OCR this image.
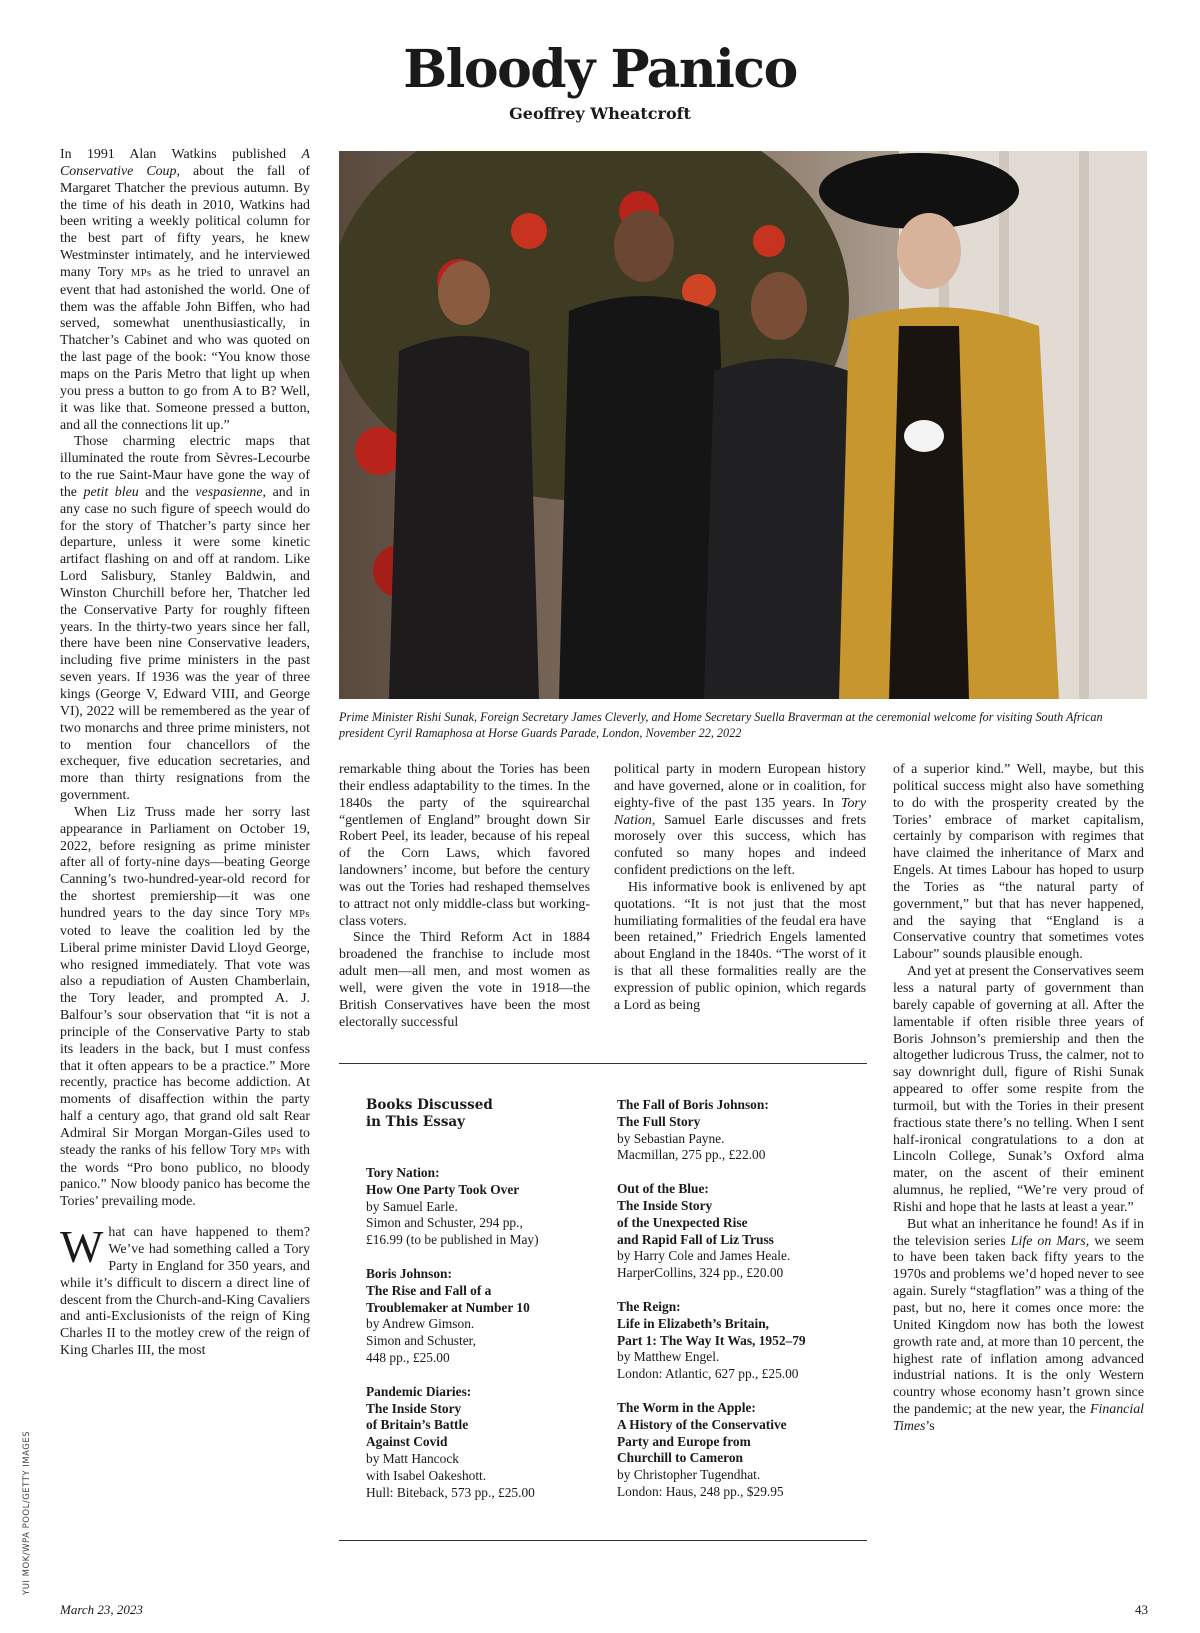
Bloody Panico
Geoffrey Wheatcroft

In 1991 Alan Watkins published A Conservative Coup, about the fall of Margaret Thatcher the previous autumn. By the time of his death in 2010, Watkins had been writing a weekly political column for the best part of fifty years, he knew Westminster intimately, and he interviewed many Tory MPs as he tried to unravel an event that had astonished the world. One of them was the affable John Biffen, who had served, somewhat unenthusiastically, in Thatcher’s Cabinet and who was quoted on the last page of the book: “You know those maps on the Paris Metro that light up when you press a button to go from A to B? Well, it was like that. Someone pressed a button, and all the connections lit up.”

Those charming electric maps that illuminated the route from Sèvres-Lecourbe to the rue Saint-Maur have gone the way of the petit bleu and the vespasienne, and in any case no such figure of speech would do for the story of Thatcher’s party since her departure, unless it were some kinetic artifact flashing on and off at random. Like Lord Salisbury, Stanley Baldwin, and Winston Churchill before her, Thatcher led the Conservative Party for roughly fifteen years. In the thirty-two years since her fall, there have been nine Conservative leaders, including five prime ministers in the past seven years. If 1936 was the year of three kings (George V, Edward VIII, and George VI), 2022 will be remembered as the year of two monarchs and three prime ministers, not to mention four chancellors of the exchequer, five education secretaries, and more than thirty resignations from the government.

When Liz Truss made her sorry last appearance in Parliament on October 19, 2022, before resigning as prime minister after all of forty-nine days—beating George Canning’s two-hundred-year-old record for the shortest premiership—it was one hundred years to the day since Tory MPs voted to leave the coalition led by the Liberal prime minister David Lloyd George, who resigned immediately. That vote was also a repudiation of Austen Chamberlain, the Tory leader, and prompted A. J. Balfour’s sour observation that “it is not a principle of the Conservative Party to stab its leaders in the back, but I must confess that it often appears to be a practice.” More recently, practice has become addiction. At moments of disaffection within the party half a century ago, that grand old salt Rear Admiral Sir Morgan Morgan-Giles used to steady the ranks of his fellow Tory MPs with the words “Pro bono publico, no bloody panico.” Now bloody panico has become the Tories’ prevailing mode.

What can have happened to them? We’ve had something called a Tory Party in England for 350 years, and while it’s difficult to discern a direct line of descent from the Church-and-King Cavaliers and anti-Exclusionists of the reign of King Charles II to the motley crew of the reign of King Charles III, the most

Prime Minister Rishi Sunak, Foreign Secretary James Cleverly, and Home Secretary Suella Braverman at the ceremonial welcome for visiting South African president Cyril Ramaphosa at Horse Guards Parade, London, November 22, 2022

remarkable thing about the Tories has been their endless adaptability to the times. In the 1840s the party of the squirearchal “gentlemen of England” brought down Sir Robert Peel, its leader, because of his repeal of the Corn Laws, which favored landowners’ income, but before the century was out the Tories had reshaped themselves to attract not only middle-class but working-class voters.

Since the Third Reform Act in 1884 broadened the franchise to include most adult men—all men, and most women as well, were given the vote in 1918—the British Conservatives have been the most electorally successful

political party in modern European history and have governed, alone or in coalition, for eighty-five of the past 135 years. In Tory Nation, Samuel Earle discusses and frets morosely over this success, which has confuted so many hopes and indeed confident predictions on the left.

His informative book is enlivened by apt quotations. “It is not just that the most humiliating formalities of the feudal era have been retained,” Friedrich Engels lamented about England in the 1840s. “The worst of it is that all these formalities really are the expression of public opinion, which regards a Lord as being

Books Discussed
in This Essay
Tory Nation:
How One Party Took Over
by Samuel Earle.
Simon and Schuster, 294 pp.,
£16.99 (to be published in May)
Boris Johnson:
The Rise and Fall of a
Troublemaker at Number 10
by Andrew Gimson.
Simon and Schuster,
448 pp., £25.00
Pandemic Diaries:
The Inside Story
of Britain’s Battle
Against Covid
by Matt Hancock
with Isabel Oakeshott.
Hull: Biteback, 573 pp., £25.00
The Fall of Boris Johnson:
The Full Story
by Sebastian Payne.
Macmillan, 275 pp., £22.00
Out of the Blue:
The Inside Story
of the Unexpected Rise
and Rapid Fall of Liz Truss
by Harry Cole and James Heale.
HarperCollins, 324 pp., £20.00
The Reign:
Life in Elizabeth’s Britain,
Part 1: The Way It Was, 1952–79
by Matthew Engel.
London: Atlantic, 627 pp., £25.00
The Worm in the Apple:
A History of the Conservative
Party and Europe from
Churchill to Cameron
by Christopher Tugendhat.
London: Haus, 248 pp., $29.95

of a superior kind.” Well, maybe, but this political success might also have something to do with the prosperity created by the Tories’ embrace of market capitalism, certainly by comparison with regimes that have claimed the inheritance of Marx and Engels. At times Labour has hoped to usurp the Tories as “the natural party of government,” but that has never happened, and the saying that “England is a Conservative country that sometimes votes Labour” sounds plausible enough.

And yet at present the Conservatives seem less a natural party of government than barely capable of governing at all. After the lamentable if often risible three years of Boris Johnson’s premiership and then the altogether ludicrous Truss, the calmer, not to say downright dull, figure of Rishi Sunak appeared to offer some respite from the turmoil, but with the Tories in their present fractious state there’s no telling. When I sent half-ironical congratulations to a don at Lincoln College, Sunak’s Oxford alma mater, on the ascent of their eminent alumnus, he replied, “We’re very proud of Rishi and hope that he lasts at least a year.”

But what an inheritance he found! As if in the television series Life on Mars, we seem to have been taken back fifty years to the 1970s and problems we’d hoped never to see again. Surely “stagflation” was a thing of the past, but no, here it comes once more: the United Kingdom now has both the lowest growth rate and, at more than 10 percent, the highest rate of inflation among advanced industrial nations. It is the only Western country whose economy hasn’t grown since the pandemic; at the new year, the Financial Times’s

YUI MOK/WPA POOL/GETTY IMAGES
March 23, 2023	43
